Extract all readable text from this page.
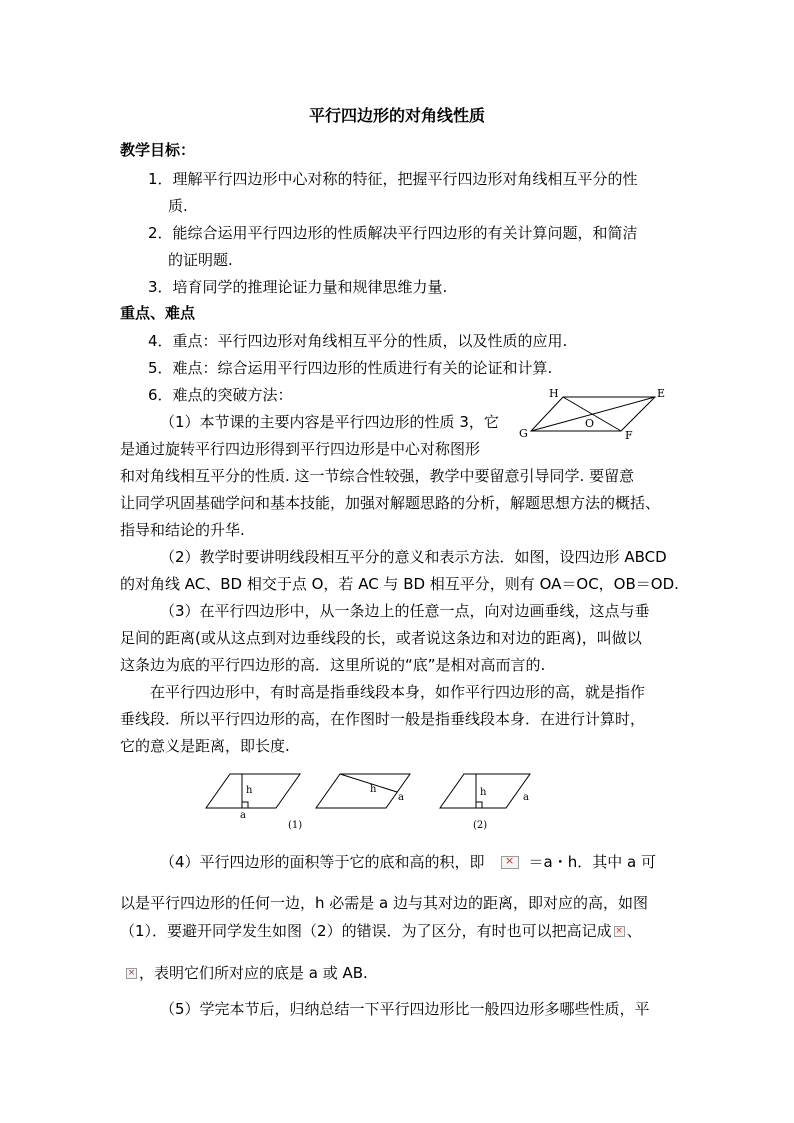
平行四边形的对角线性质
教学目标：
1．理解平行四边形中心对称的特征，把握平行四边形对角线相互平分的性
质.
2．能综合运用平行四边形的性质解决平行四边形的有关计算问题，和简洁
的证明题.
3．培育同学的推理论证力量和规律思维力量.
重点、难点
4．重点：平行四边形对角线相互平分的性质，以及性质的应用.
5．难点：综合运用平行四边形的性质进行有关的论证和计算.
6．难点的突破方法：	H	E
G	F
O
（1）本节课的主要内容是平行四边形的性质 3，它
是通过旋转平行四边形得到平行四边形是中心对称图形
和对角线相互平分的性质. 这一节综合性较强，教学中要留意引导同学. 要留意
让同学巩固基础学问和基本技能，加强对解题思路的分析，解题思想方法的概括、
指导和结论的升华.
（2）教学时要讲明线段相互平分的意义和表示方法．如图，设四边形 ABCD
的对角线 AC、BD 相交于点 O，若 AC 与 BD 相互平分，则有 OA＝OC，OB＝OD.
（3）在平行四边形中，从一条边上的任意一点，向对边画垂线，这点与垂
足间的距离(或从这点到对边垂线段的长，或者说这条边和对边的距离)，叫做以
这条边为底的平行四边形的高．这里所说的“底”是相对高而言的.
在平行四边形中，有时高是指垂线段本身，如作平行四边形的高，就是指作
垂线段．所以平行四边形的高，在作图时一般是指垂线段本身．在进行计算时，
它的意义是距离，即长度.
h
a
(1)
h
a	h	a
(2)
（4）平行四边形的面积等于它的底和高的积，即 ×	＝a・h．其中 a 可
以是平行四边形的任何一边，h 必需是 a 边与其对边的距离，即对应的高，如图
（1）．要避开同学发生如图（2）的错误．为了区分，有时也可以把高记成 × 、
×，表明它们所对应的底是 a 或 AB.
（5）学完本节后，归纳总结一下平行四边形比一般四边形多哪些性质，平
